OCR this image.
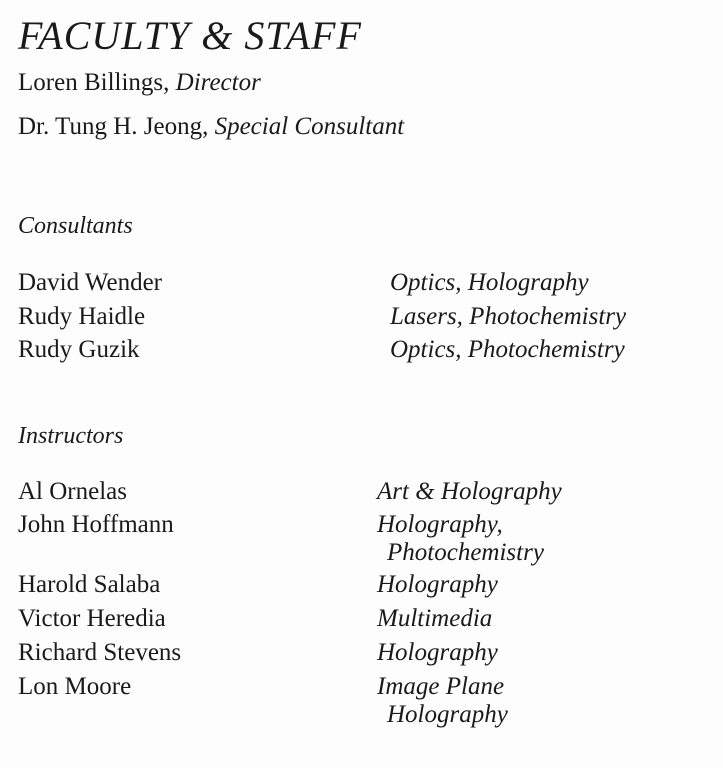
FACULTY & STAFF
Loren Billings, Director
Dr. Tung H. Jeong, Special Consultant
Consultants
David Wender	Optics, Holography
Rudy Haidle	Lasers, Photochemistry
Rudy Guzik	Optics, Photochemistry
Instructors
Al Ornelas	Art & Holography
John Hoffmann	Holography,
Photochemistry
Harold Salaba	Holography
Victor Heredia	Multimedia
Richard Stevens	Holography
Lon Moore	Image Plane
Holography
